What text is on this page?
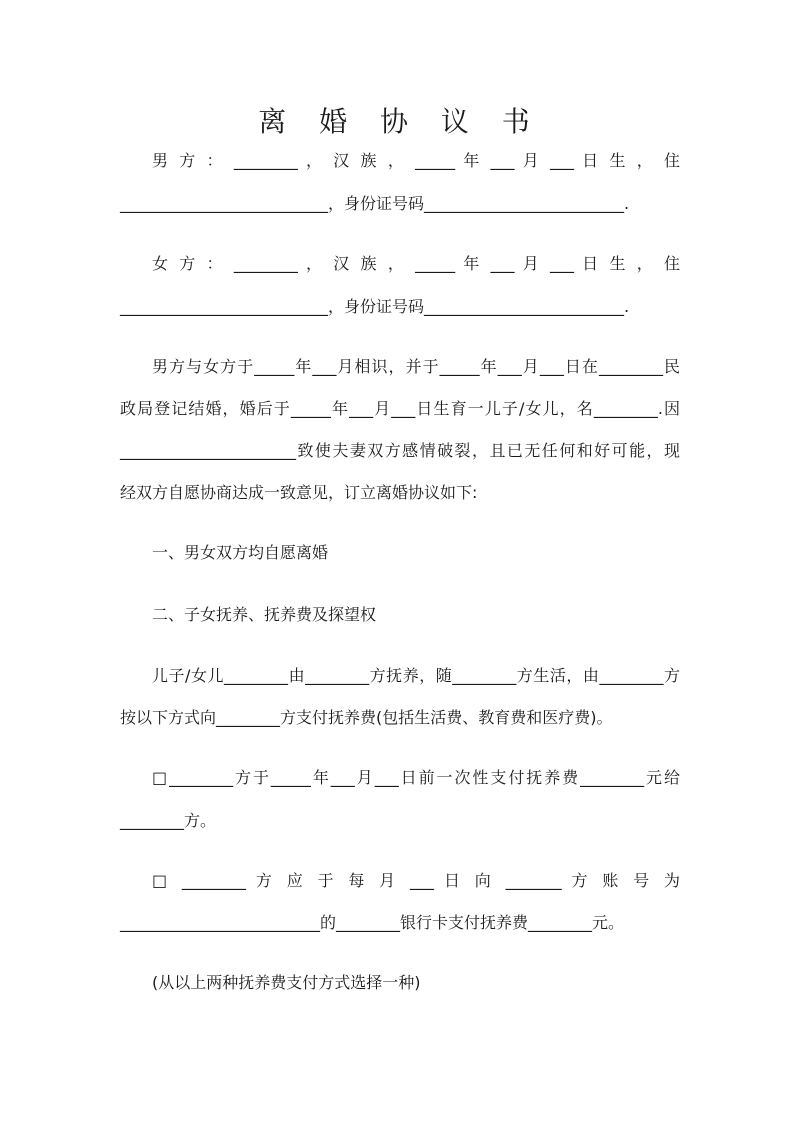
离 婚 协 议 书
男 方 ： ________ ， 汉 族 ， _____ 年 ___ 月 ___ 日 生 ， 住
__________________________，身份证号码_________________________.
女 方 ： ________ ， 汉 族 ， _____ 年 ___ 月 ___ 日 生 ， 住
__________________________，身份证号码_________________________.
男方与女方于_____年___月相识，并于_____年___月___日在________民
政局登记结婚，婚后于_____年___月___日生育一儿子/女儿，名________.因
______________________致使夫妻双方感情破裂，且已无任何和好可能，现
经双方自愿协商达成一致意见，订立离婚协议如下:
一、男女双方均自愿离婚
二、子女抚养、抚养费及探望权
儿子/女儿________由________方抚养，随________方生活，由________方
按以下方式向________方支付抚养费(包括生活费、教育费和医疗费)。
□________方于_____年___月___日前一次性支付抚养费________元给
________方。
□ ________ 方 应 于 每 月 ___ 日 向 _______ 方 账 号 为
_________________________的________银行卡支付抚养费________元。
(从以上两种抚养费支付方式选择一种)
